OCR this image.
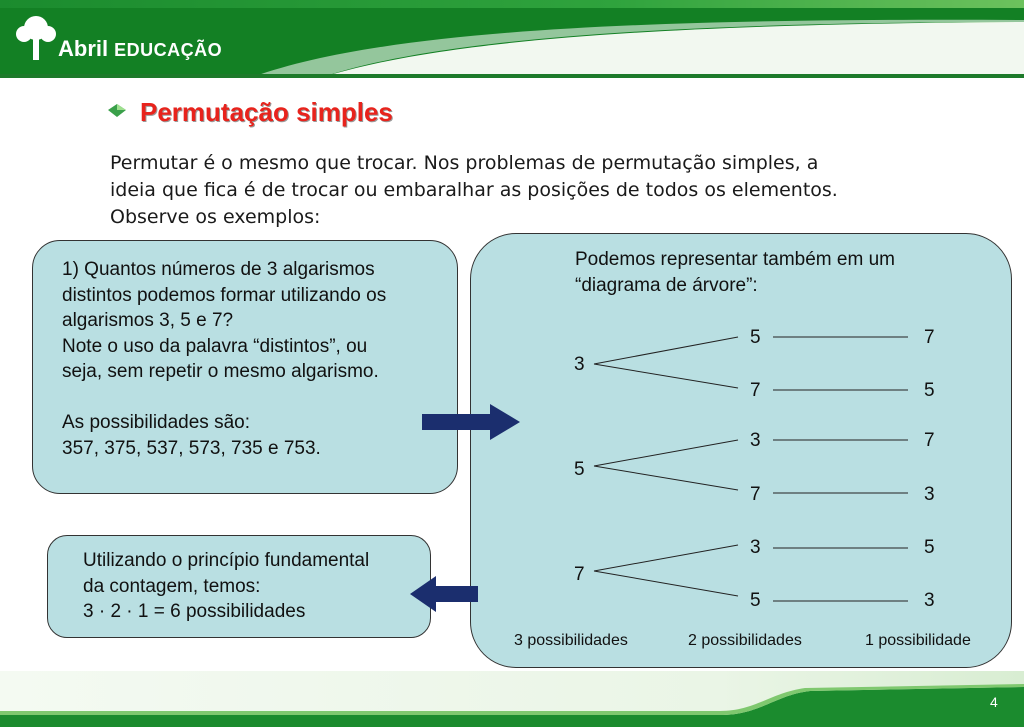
Abril EDUCAÇÃO
Permutação simples
Permutar é o mesmo que trocar. Nos problemas de permutação simples, a
ideia que fica é de trocar ou embaralhar as posições de todos os elementos.
Observe os exemplos:
1) Quantos números de 3 algarismos
distintos podemos formar utilizando os
algarismos 3, 5 e 7?
Note o uso da palavra “distintos”, ou
seja, sem repetir o mesmo algarismo.
As possibilidades são:
357, 375, 537, 573, 735 e 753.
Utilizando o princípio fundamental
da contagem, temos:
3 · 2 · 1 = 6 possibilidades
Podemos representar também em um
“diagrama de árvore”:
3
5
7
7
5
5
3
7
7
3
7
3
5
5
3
3 possibilidades	2 possibilidades	1 possibilidade
4
